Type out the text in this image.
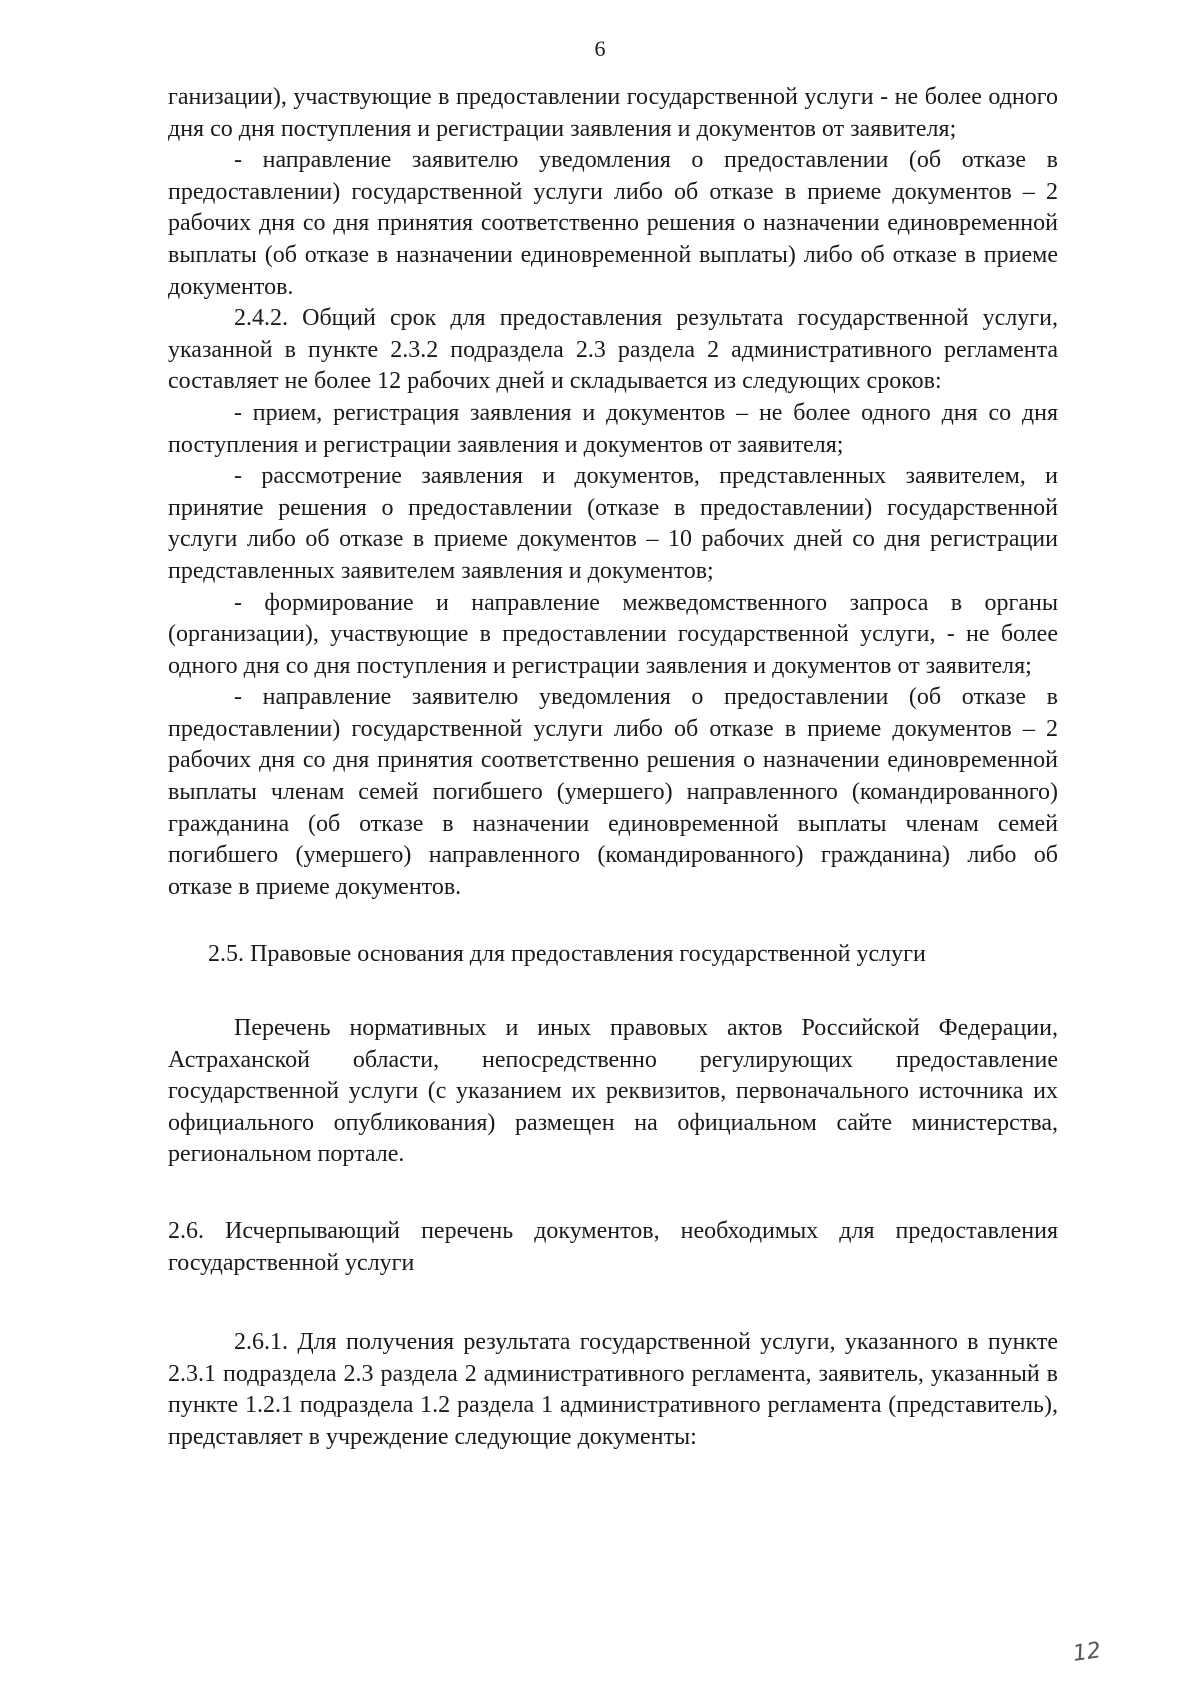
6

ганизации), участвующие в предоставлении государственной услуги - не более одного дня со дня поступления и регистрации заявления и документов от заявителя;

- направление заявителю уведомления о предоставлении (об отказе в предоставлении) государственной услуги либо об отказе в приеме документов – 2 рабочих дня со дня принятия соответственно решения о назначении единовременной выплаты (об отказе в назначении единовременной выплаты) либо об отказе в приеме документов.

2.4.2. Общий срок для предоставления результата государственной услуги, указанной в пункте 2.3.2 подраздела 2.3 раздела 2 административного регламента составляет не более 12 рабочих дней и складывается из следующих сроков:

- прием, регистрация заявления и документов – не более одного дня со дня поступления и регистрации заявления и документов от заявителя;

- рассмотрение заявления и документов, представленных заявителем, и принятие решения о предоставлении (отказе в предоставлении) государственной услуги либо об отказе в приеме документов – 10 рабочих дней со дня регистрации представленных заявителем заявления и документов;

- формирование и направление межведомственного запроса в органы (организации), участвующие в предоставлении государственной услуги, - не более одного дня со дня поступления и регистрации заявления и документов от заявителя;

- направление заявителю уведомления о предоставлении (об отказе в предоставлении) государственной услуги либо об отказе в приеме документов – 2 рабочих дня со дня принятия соответственно решения о назначении единовременной выплаты членам семей погибшего (умершего) направленного (командированного) гражданина (об отказе в назначении единовременной выплаты членам семей погибшего (умершего) направленного (командированного) гражданина) либо об отказе в приеме документов.

2.5. Правовые основания для предоставления государственной услуги

Перечень нормативных и иных правовых актов Российской Федерации, Астраханской области, непосредственно регулирующих предоставление государственной услуги (с указанием их реквизитов, первоначального источника их официального опубликования) размещен на официальном сайте министерства, региональном портале.

2.6. Исчерпывающий перечень документов, необходимых для предоставления государственной услуги

2.6.1. Для получения результата государственной услуги, указанного в пункте 2.3.1 подраздела 2.3 раздела 2 административного регламента, заявитель, указанный в пункте 1.2.1 подраздела 1.2 раздела 1 административного регламента (представитель), представляет в учреждение следующие документы:

12
